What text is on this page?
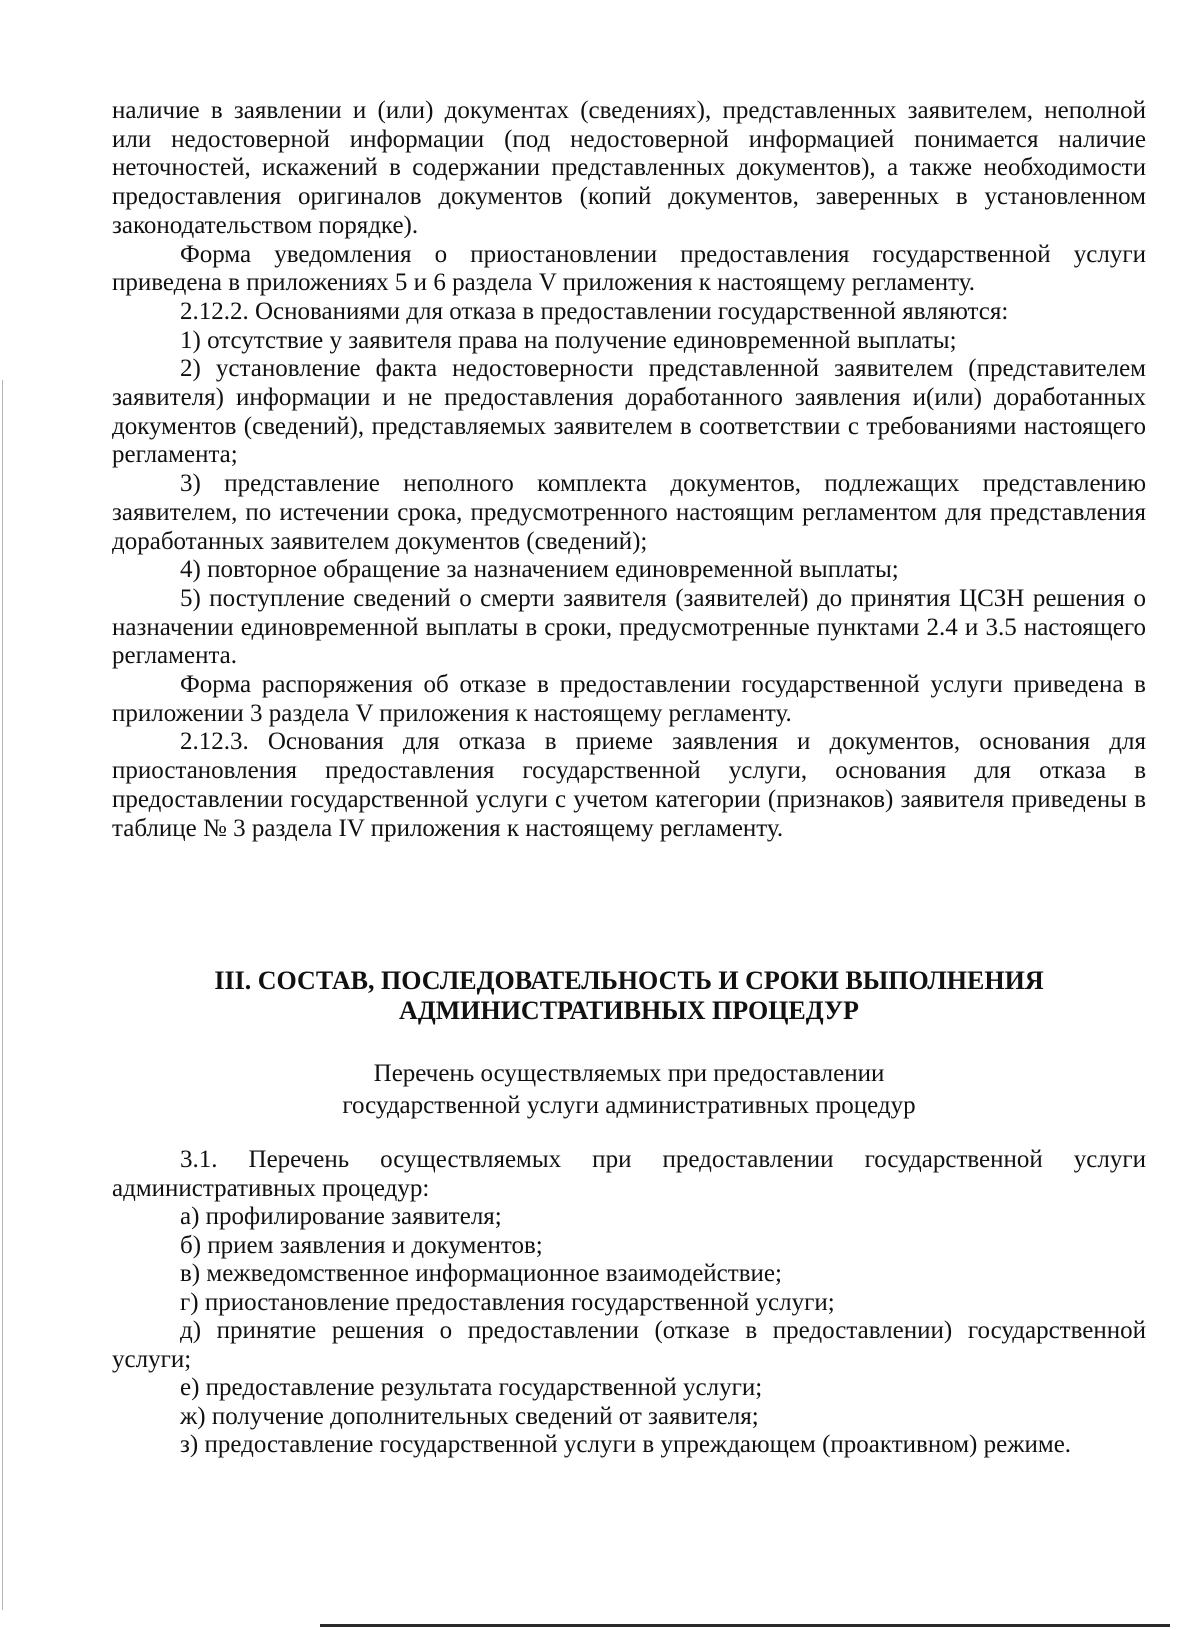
наличие в заявлении и (или) документах (сведениях), представленных заявителем, неполной или недостоверной информации (под недостоверной информацией понимается наличие неточностей, искажений в содержании представленных документов), а также необходимости предоставления оригиналов документов (копий документов, заверенных в установленном законодательством порядке).

Форма уведомления о приостановлении предоставления государственной услуги приведена в приложениях 5 и 6 раздела V приложения к настоящему регламенту.

2.12.2. Основаниями для отказа в предоставлении государственной являются:

1) отсутствие у заявителя права на получение единовременной выплаты;

2) установление факта недостоверности представленной заявителем (представителем заявителя) информации и не предоставления доработанного заявления и(или) доработанных документов (сведений), представляемых заявителем в соответствии с требованиями настоящего регламента;

3) представление неполного комплекта документов, подлежащих представлению заявителем, по истечении срока, предусмотренного настоящим регламентом для представления доработанных заявителем документов (сведений);

4) повторное обращение за назначением единовременной выплаты;

5) поступление сведений о смерти заявителя (заявителей) до принятия ЦСЗН решения о назначении единовременной выплаты в сроки, предусмотренные пунктами 2.4 и 3.5 настоящего регламента.

Форма распоряжения об отказе в предоставлении государственной услуги приведена в приложении 3 раздела V приложения к настоящему регламенту.

2.12.3. Основания для отказа в приеме заявления и документов, основания для приостановления предоставления государственной услуги, основания для отказа в предоставлении государственной услуги с учетом категории (признаков) заявителя приведены в таблице № 3 раздела IV приложения к настоящему регламенту.

III. СОСТАВ, ПОСЛЕДОВАТЕЛЬНОСТЬ И СРОКИ ВЫПОЛНЕНИЯ
АДМИНИСТРАТИВНЫХ ПРОЦЕДУР
Перечень осуществляемых при предоставлении
государственной услуги административных процедур

3.1. Перечень осуществляемых при предоставлении государственной услуги административных процедур:

а) профилирование заявителя;

б) прием заявления и документов;

в) межведомственное информационное взаимодействие;

г) приостановление предоставления государственной услуги;

д) принятие решения о предоставлении (отказе в предоставлении) государственной услуги;

е) предоставление результата государственной услуги;

ж) получение дополнительных сведений от заявителя;

з) предоставление государственной услуги в упреждающем (проактивном) режиме.
